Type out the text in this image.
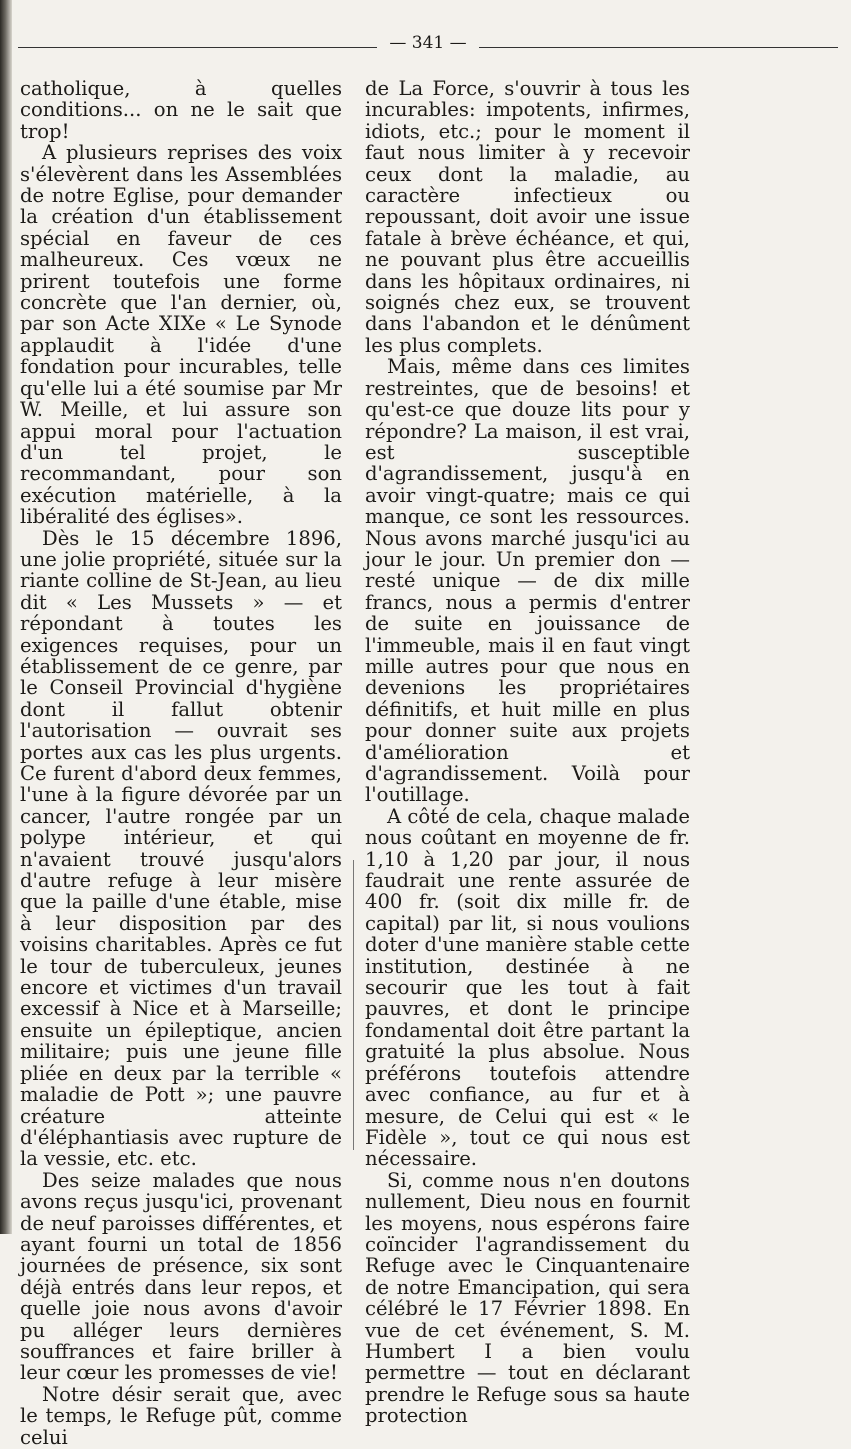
— 341 —

catholique, à quelles conditions... on ne le sait que trop!

A plusieurs reprises des voix s'élevèrent dans les Assemblées de notre Eglise, pour demander la création d'un établissement spécial en faveur de ces malheureux. Ces vœux ne prirent toutefois une forme concrète que l'an dernier, où, par son Acte XIXe « Le Synode applaudit à l'idée d'une fondation pour incurables, telle qu'elle lui a été soumise par Mr W. Meille, et lui assure son appui moral pour l'actuation d'un tel projet, le recommandant, pour son exécution matérielle, à la libéralité des églises».

Dès le 15 décembre 1896, une jolie propriété, située sur la riante colline de St-Jean, au lieu dit « Les Mussets » — et répondant à toutes les exigences requises, pour un établissement de ce genre, par le Conseil Provincial d'hygiène dont il fallut obtenir l'autorisation — ouvrait ses portes aux cas les plus urgents. Ce furent d'abord deux femmes, l'une à la figure dévorée par un cancer, l'autre rongée par un polype intérieur, et qui n'avaient trouvé jusqu'alors d'autre refuge à leur misère que la paille d'une étable, mise à leur disposition par des voisins charitables. Après ce fut le tour de tuberculeux, jeunes encore et victimes d'un travail excessif à Nice et à Marseille; ensuite un épileptique, ancien militaire; puis une jeune fille pliée en deux par la terrible « maladie de Pott »; une pauvre créature atteinte d'éléphantiasis avec rupture de la vessie, etc. etc.

Des seize malades que nous avons reçus jusqu'ici, provenant de neuf paroisses différentes, et ayant fourni un total de 1856 journées de présence, six sont déjà entrés dans leur repos, et quelle joie nous avons d'avoir pu alléger leurs dernières souffrances et faire briller à leur cœur les promesses de vie!

Notre désir serait que, avec le temps, le Refuge pût, comme celui

de La Force, s'ouvrir à tous les incurables: impotents, infirmes, idiots, etc.; pour le moment il faut nous limiter à y recevoir ceux dont la maladie, au caractère infectieux ou repoussant, doit avoir une issue fatale à brève échéance, et qui, ne pouvant plus être accueillis dans les hôpitaux ordinaires, ni soignés chez eux, se trouvent dans l'abandon et le dénûment les plus complets.

Mais, même dans ces limites restreintes, que de besoins! et qu'est-ce que douze lits pour y répondre? La maison, il est vrai, est susceptible d'agrandissement, jusqu'à en avoir vingt-quatre; mais ce qui manque, ce sont les ressources. Nous avons marché jusqu'ici au jour le jour. Un premier don — resté unique — de dix mille francs, nous a permis d'entrer de suite en jouissance de l'immeuble, mais il en faut vingt mille autres pour que nous en devenions les propriétaires définitifs, et huit mille en plus pour donner suite aux projets d'amélioration et d'agrandissement. Voilà pour l'outillage.

A côté de cela, chaque malade nous coûtant en moyenne de fr. 1,10 à 1,20 par jour, il nous faudrait une rente assurée de 400 fr. (soit dix mille fr. de capital) par lit, si nous voulions doter d'une manière stable cette institution, destinée à ne secourir que les tout à fait pauvres, et dont le principe fondamental doit être partant la gratuité la plus absolue. Nous préférons toutefois attendre avec confiance, au fur et à mesure, de Celui qui est « le Fidèle », tout ce qui nous est nécessaire.

Si, comme nous n'en doutons nullement, Dieu nous en fournit les moyens, nous espérons faire coïncider l'agrandissement du Refuge avec le Cinquantenaire de notre Emancipation, qui sera célébré le 17 Février 1898. En vue de cet événement, S. M. Humbert I a bien voulu permettre — tout en déclarant prendre le Refuge sous sa haute protection
